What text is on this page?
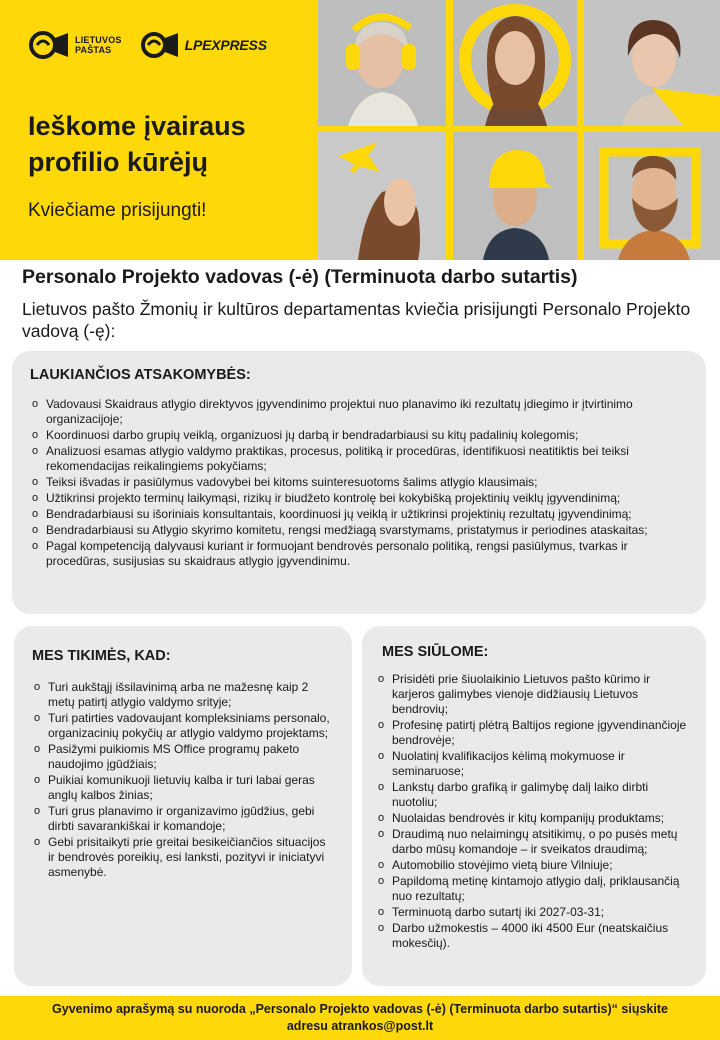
LIETUVOS
PAŠTAS	LPEXPRESS
Ieškome įvairaus profilio kūrėjų
Kviečiame prisijungti!
Personalo Projekto vadovas (-ė) (Terminuota darbo sutartis)
Lietuvos pašto Žmonių ir kultūros departamentas kviečia prisijungti Personalo Projekto vadovą (-ę):
LAUKIANČIOS ATSAKOMYBĖS:
o Vadovausi Skaidraus atlygio direktyvos įgyvendinimo projektui nuo planavimo iki rezultatų įdiegimo ir įtvirtinimo organizacijoje;
o Koordinuosi darbo grupių veiklą, organizuosi jų darbą ir bendradarbiausi su kitų padalinių kolegomis;
o Analizuosi esamas atlygio valdymo praktikas, procesus, politiką ir procedūras, identifikuosi neatitiktis bei teiksi rekomendacijas reikalingiems pokyčiams;
o Teiksi išvadas ir pasiūlymus vadovybei bei kitoms suinteresuotoms šalims atlygio klausimais;
o Užtikrinsi projekto terminų laikymąsi, rizikų ir biudžeto kontrolę bei kokybišką projektinių veiklų įgyvendinimą;
o Bendradarbiausi su išoriniais konsultantais, koordinuosi jų veiklą ir užtikrinsi projektinių rezultatų įgyvendinimą;
o Bendradarbiausi su Atlygio skyrimo komitetu, rengsi medžiagą svarstymams, pristatymus ir periodines ataskaitas;
o Pagal kompetenciją dalyvausi kuriant ir formuojant bendrovės personalo politiką, rengsi pasiūlymus, tvarkas ir procedūras, susijusias su skaidraus atlygio įgyvendinimu.
MES TIKIMĖS, KAD:
o Turi aukštąjį išsilavinimą arba ne mažesnę kaip 2 metų patirtį atlygio valdymo srityje;
o Turi patirties vadovaujant kompleksiniams personalo, organizacinių pokyčių ar atlygio valdymo projektams;
o Pasižymi puikiomis MS Office programų paketo naudojimo įgūdžiais;
o Puikiai komunikuoji lietuvių kalba ir turi labai geras anglų kalbos žinias;
o Turi grus planavimo ir organizavimo įgūdžius, gebi dirbti savarankiškai ir komandoje;
o Gebi prisitaikyti prie greitai besikeičiančios situacijos ir bendrovės poreikių, esi lanksti, pozityvi ir iniciatyvi asmenybė.
MES SIŪLOME:
o Prisidėti prie šiuolaikinio Lietuvos pašto kūrimo ir karjeros galimybes vienoje didžiausių Lietuvos bendrovių;
o Profesinę patirtį plėtrą Baltijos regione įgyvendinančioje bendrovėje;
o Nuolatinį kvalifikacijos kėlimą mokymuose ir seminaruose;
o Lankstų darbo grafiką ir galimybę dalį laiko dirbti nuotoliu;
o Nuolaidas bendrovės ir kitų kompanijų produktams;
o Draudimą nuo nelaimingų atsitikimų, o po pusės metų darbo mūsų komandoje – ir sveikatos draudimą;
o Automobilio stovėjimo vietą biure Vilniuje;
o Papildomą metinę kintamojo atlygio dalį, priklausančią nuo rezultatų;
o Terminuotą darbo sutartį iki 2027-03-31;
o Darbo užmokestis – 4000 iki 4500 Eur (neatskaičius mokesčių).
Gyvenimo aprašymą su nuoroda „Personalo Projekto vadovas (-ė) (Terminuota darbo sutartis)“ siųskite
adresu atrankos@post.lt
